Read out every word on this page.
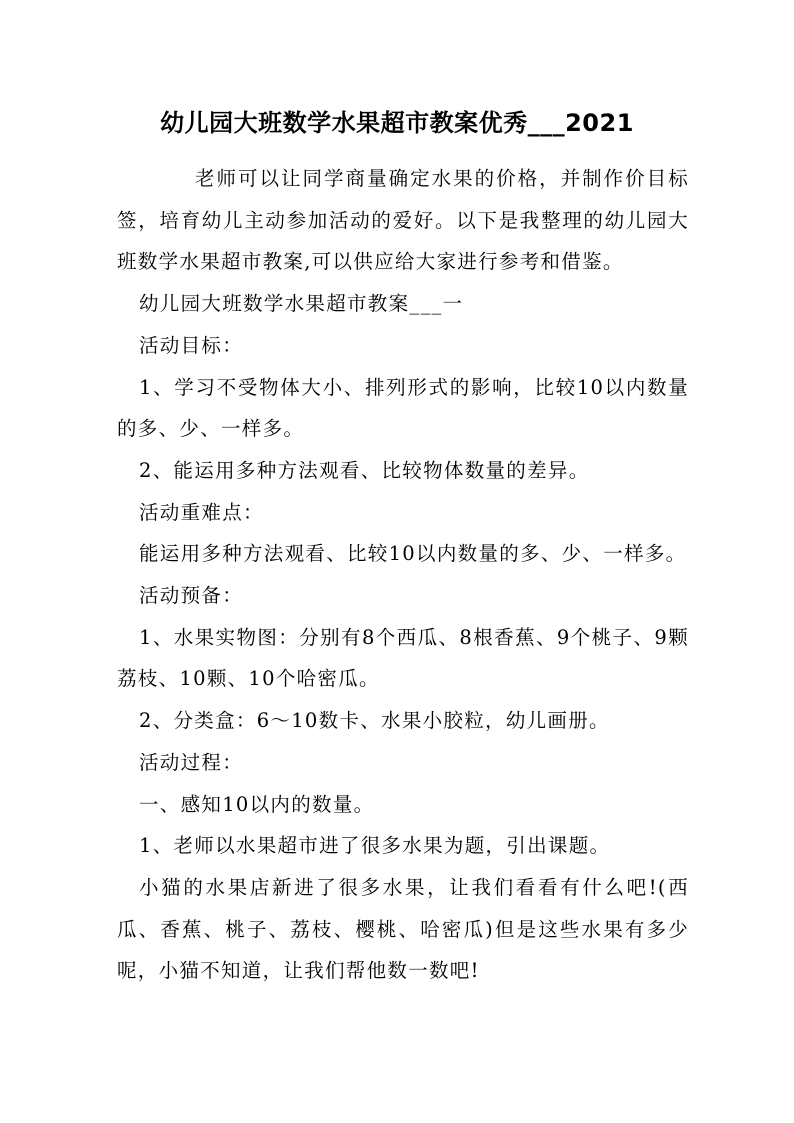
幼儿园大班数学水果超市教案优秀___2021

老师可以让同学商量确定水果的价格，并制作价目标签，培育幼儿主动参加活动的爱好。以下是我整理的幼儿园大班数学水果超市教案,可以供应给大家进行参考和借鉴。

幼儿园大班数学水果超市教案___一

活动目标：

1、学习不受物体大小、排列形式的影响，比较10以内数量的多、少、一样多。

2、能运用多种方法观看、比较物体数量的差异。

活动重难点：

能运用多种方法观看、比较10以内数量的多、少、一样多。

活动预备：

1、水果实物图：分别有8个西瓜、8根香蕉、9个桃子、9颗荔枝、10颗、10个哈密瓜。

2、分类盒：6～10数卡、水果小胶粒，幼儿画册。

活动过程：

一、感知10以内的数量。

1、老师以水果超市进了很多水果为题，引出课题。

小猫的水果店新进了很多水果，让我们看看有什么吧!(西瓜、香蕉、桃子、荔枝、樱桃、哈密瓜)但是这些水果有多少呢，小猫不知道，让我们帮他数一数吧!
